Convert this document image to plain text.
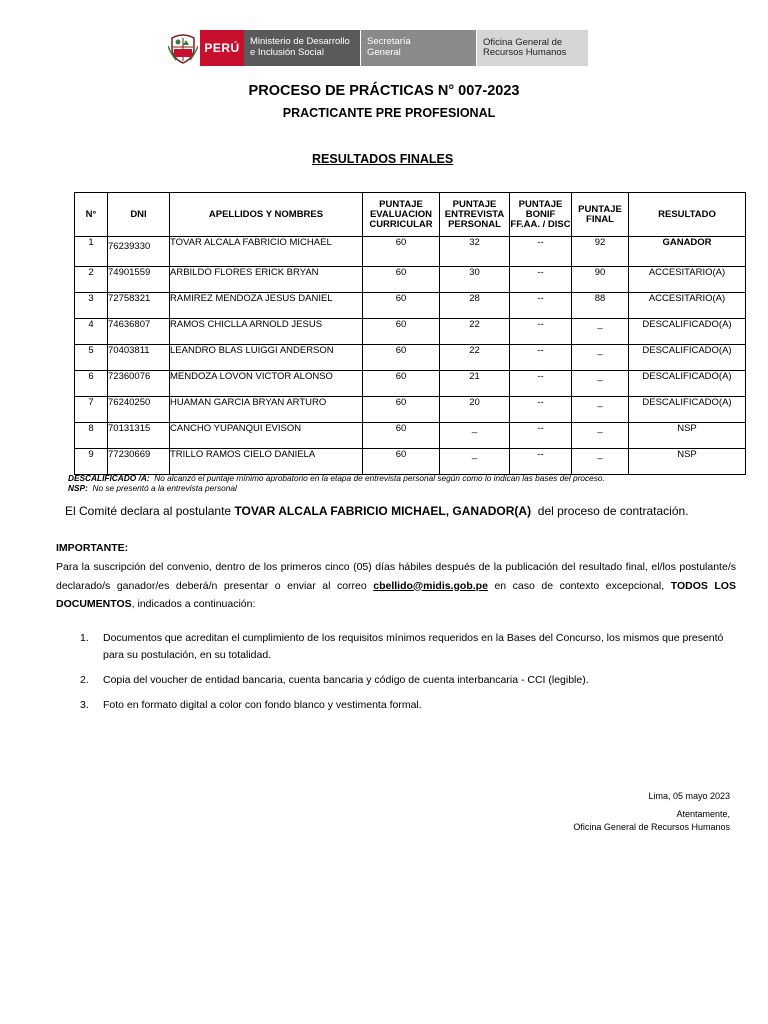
PERÚ	Ministerio de Desarrollo
e Inclusión Social
Secretaría
General
Oficina General de
Recursos Humanos
PROCESO DE PRÁCTICAS N° 007-2023
PRACTICANTE PRE PROFESIONAL
RESULTADOS FINALES
N°	DNI	APELLIDOS Y NOMBRES	PUNTAJE EVALUACION CURRICULAR	PUNTAJE ENTREVISTA PERSONAL	PUNTAJE BONIF FF.AA. / DISC	PUNTAJE FINAL	RESULTADO
1	76239330	TOVAR ALCALA FABRICIO MICHAEL	60	32	--	92	GANADOR
2	74901559	ARBILDO FLORES ERICK BRYAN	60	30	--	90	ACCESITARIO(A)
3	72758321	RAMIREZ MENDOZA JESUS DANIEL	60	28	--	88	ACCESITARIO(A)
4	74636807	RAMOS CHICLLA ARNOLD JESUS	60	22	--	_	DESCALIFICADO(A)
5	70403811	LEANDRO BLAS LUIGGI ANDERSON	60	22	--	_	DESCALIFICADO(A)
6	72360076	MENDOZA LOVON VICTOR ALONSO	60	21	--	_	DESCALIFICADO(A)
7	76240250	HUAMAN GARCIA BRYAN ARTURO	60	20	--	_	DESCALIFICADO(A)
8	70131315	CANCHO YUPANQUI EVISON	60	_	--	_	NSP
9	77230669	TRILLO RAMOS CIELO DANIELA	60	_	--	_	NSP
DESCALIFICADO /A: No alcanzó el puntaje mínimo aprobatorio en la etapa de entrevista personal según como lo indican las bases del proceso.
NSP: No se presentó a la entrevista personal
El Comité declara al postulante TOVAR ALCALA FABRICIO MICHAEL, GANADOR(A) del proceso de contratación.
IMPORTANTE:
Para la suscripción del convenio, dentro de los primeros cinco (05) días hábiles después de la publicación del resultado final, el/los postulante/s declarado/s ganador/es deberá/n presentar o enviar al correo cbellido@midis.gob.pe en caso de contexto excepcional, TODOS LOS DOCUMENTOS, indicados a continuación:
1. Documentos que acreditan el cumplimiento de los requisitos mínimos requeridos en la Bases del Concurso, los mismos que presentó para su postulación, en su totalidad.
2. Copia del voucher de entidad bancaria, cuenta bancaria y código de cuenta interbancaria - CCI (legible).
3. Foto en formato digital a color con fondo blanco y vestimenta formal.
Lima, 05 mayo 2023
Atentamente,
Oficina General de Recursos Humanos
